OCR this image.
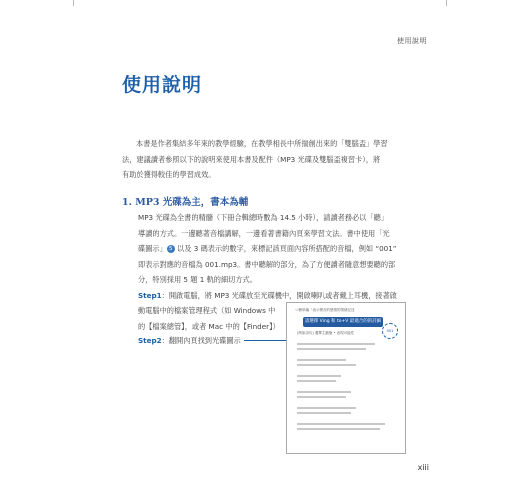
使用說明
使用說明
本書是作者集結多年來的教學經驗，在教學相長中所揣創出來的「雙腦盃」學習
法，建議讀者參照以下的說明來使用本書及配件（MP3 光碟及雙腦盃複習卡），將
有助於獲得較佳的學習成效。
1. MP3 光碟為主，書本為輔
MP3 光碟為全書的精髓（下冊合輯總時數為 14.5 小時），請讀者務必以「聽」
導讀的方式。一邊聽著音檔講解，一邊看著書籍內頁來學習文法。書中使用「光
碟圖示」 5 以及 3 碼表示的數字，來標記該頁面內容所搭配的音檔，例如 “001”
即表示對應的音檔為 001.mp3。書中聽解的部分，為了方便讀者隨意想要聽的部
分，特別採用 5 題 1 軌的細切方式。
Step1：開啟電腦，將 MP3 光碟放至光碟機中，開啟喇叭或者戴上耳機，接著啟
動電腦中的檔案管理程式（如 Windows 中
的【檔案總管】，或者 Mac 中的【Finder】）
Step2：翻開內頁找到光碟圖示
つ簡単編「表示聲音的感情的情緒記述
請選擇 Ving 和 to+V 最適合的的詳細
001
(例如詞句) 選擇主動態 • 表現可能性
xiii
